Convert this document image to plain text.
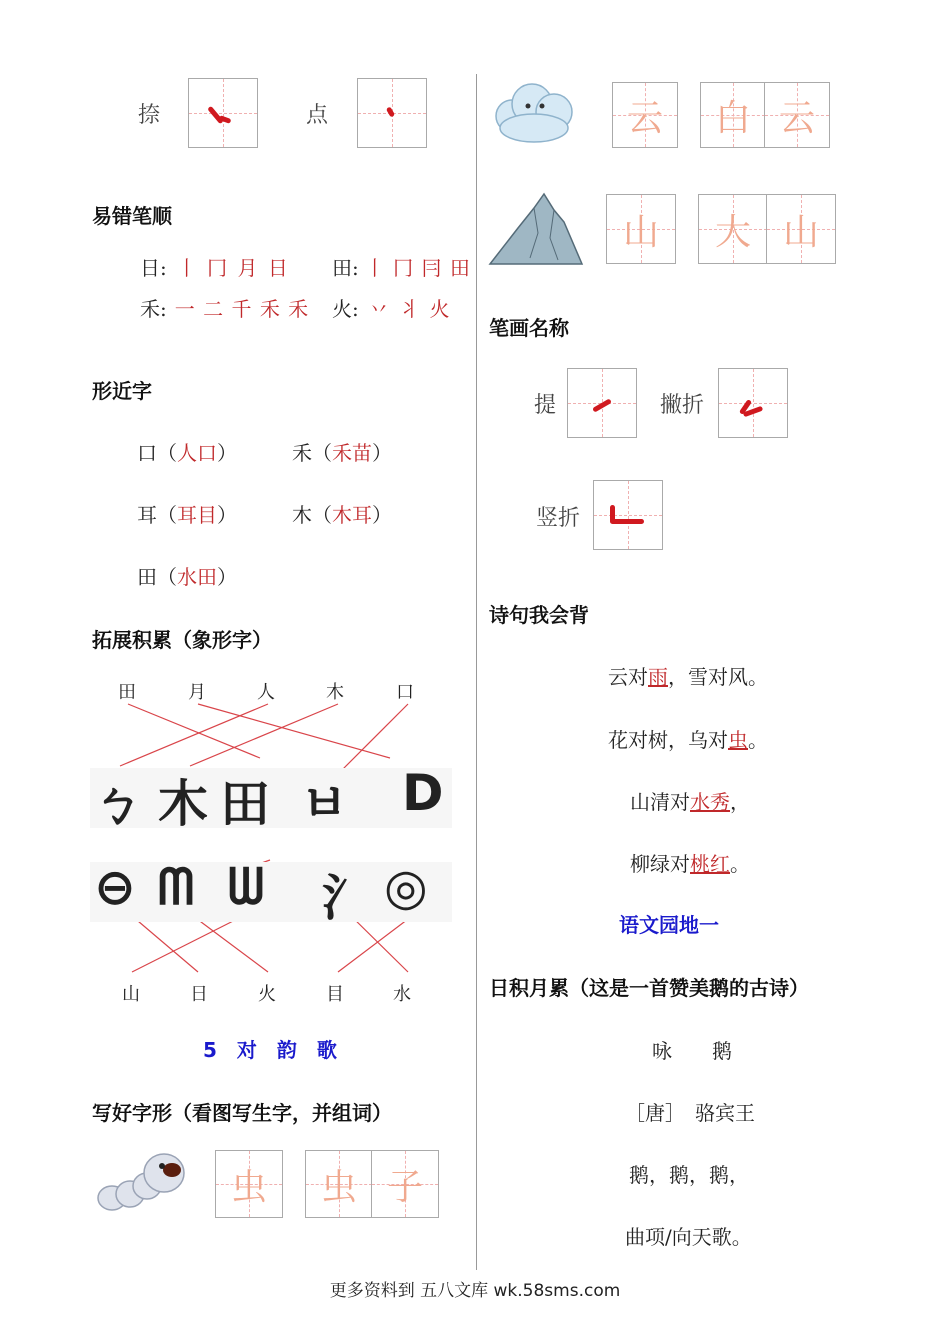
捺	点
易错笔顺
日: 丨 冂 月 日 田: 丨 冂 冃 田
禾: 一 二 千 禾 禾 火: 丷 丬 火
形近字
口（人口）	禾（禾苗）
耳（耳目）	木（木耳）
田（水田）
拓展积累（象形字）
田	月	人	木	口
ㄅ 木 田 ㅂ D
⊖ ᗰ ᗯ ⺡ ◎
山	日	火	目	水
5　对　韵　歌
写好字形（看图写生字，并组词）
虫	虫 子
云	白 云
山	大 山
笔画名称
提	撇折
竖折
诗句我会背
云对雨，雪对风。
花对树，乌对虫。
山清对水秀，
柳绿对桃红。
语文园地一
日积月累（这是一首赞美鹅的古诗）
咏　　鹅
［唐］　骆宾王
鹅，鹅，鹅，
曲项/向天歌。
更多资料到 五八文库 wk.58sms.com
